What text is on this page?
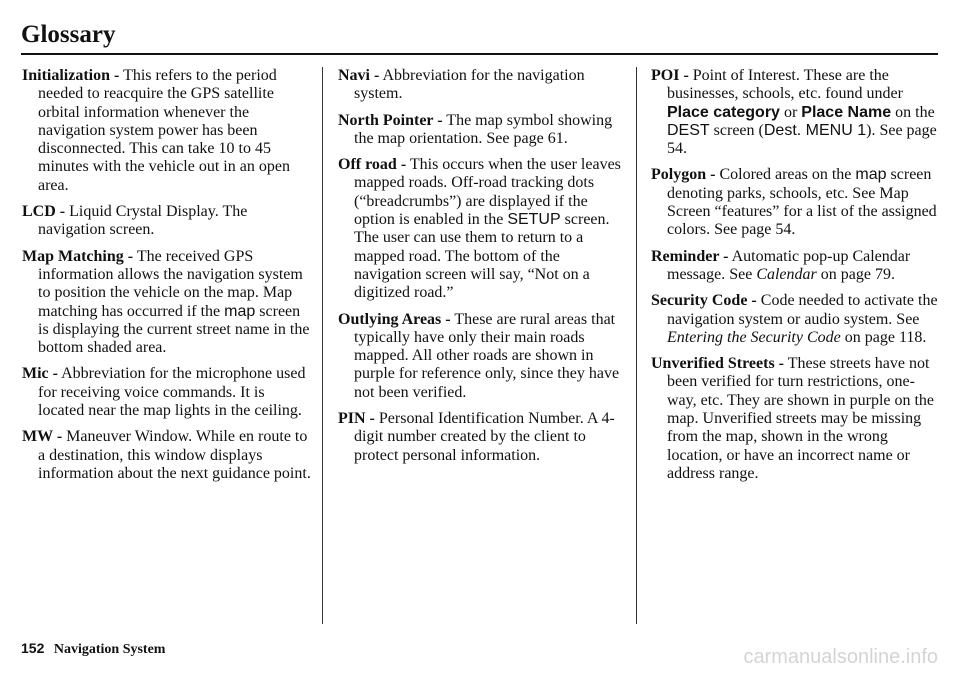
Glossary

Initialization - This refers to the period needed to reacquire the GPS satellite orbital information whenever the navigation system power has been disconnected. This can take 10 to 45 minutes with the vehicle out in an open area.

LCD - Liquid Crystal Display. The navigation screen.

Map Matching - The received GPS information allows the navigation system to position the vehicle on the map. Map matching has occurred if the map screen is displaying the current street name in the bottom shaded area.

Mic - Abbreviation for the microphone used for receiving voice commands. It is located near the map lights in the ceiling.

MW - Maneuver Window. While en route to a destination, this window displays information about the next guidance point.

Navi - Abbreviation for the navigation system.

North Pointer - The map symbol showing the map orientation. See page 61.

Off road - This occurs when the user leaves mapped roads. Off-road tracking dots (“breadcrumbs”) are displayed if the option is enabled in the SETUP screen. The user can use them to return to a mapped road. The bottom of the navigation screen will say, “Not on a digitized road.”

Outlying Areas - These are rural areas that typically have only their main roads mapped. All other roads are shown in purple for reference only, since they have not been verified.

PIN - Personal Identification Number. A 4-digit number created by the client to protect personal information.

POI - Point of Interest. These are the businesses, schools, etc. found under Place category or Place Name on the DEST screen (Dest. MENU 1). See page 54.

Polygon - Colored areas on the map screen denoting parks, schools, etc. See Map Screen “features” for a list of the assigned colors. See page 54.

Reminder - Automatic pop-up Calendar message. See Calendar on page 79.

Security Code - Code needed to activate the navigation system or audio system. See Entering the Security Code on page 118.

Unverified Streets - These streets have not been verified for turn restrictions, one-way, etc. They are shown in purple on the map. Unverified streets may be missing from the map, shown in the wrong location, or have an incorrect name or address range.

152 Navigation System	carmanualsonline.info
